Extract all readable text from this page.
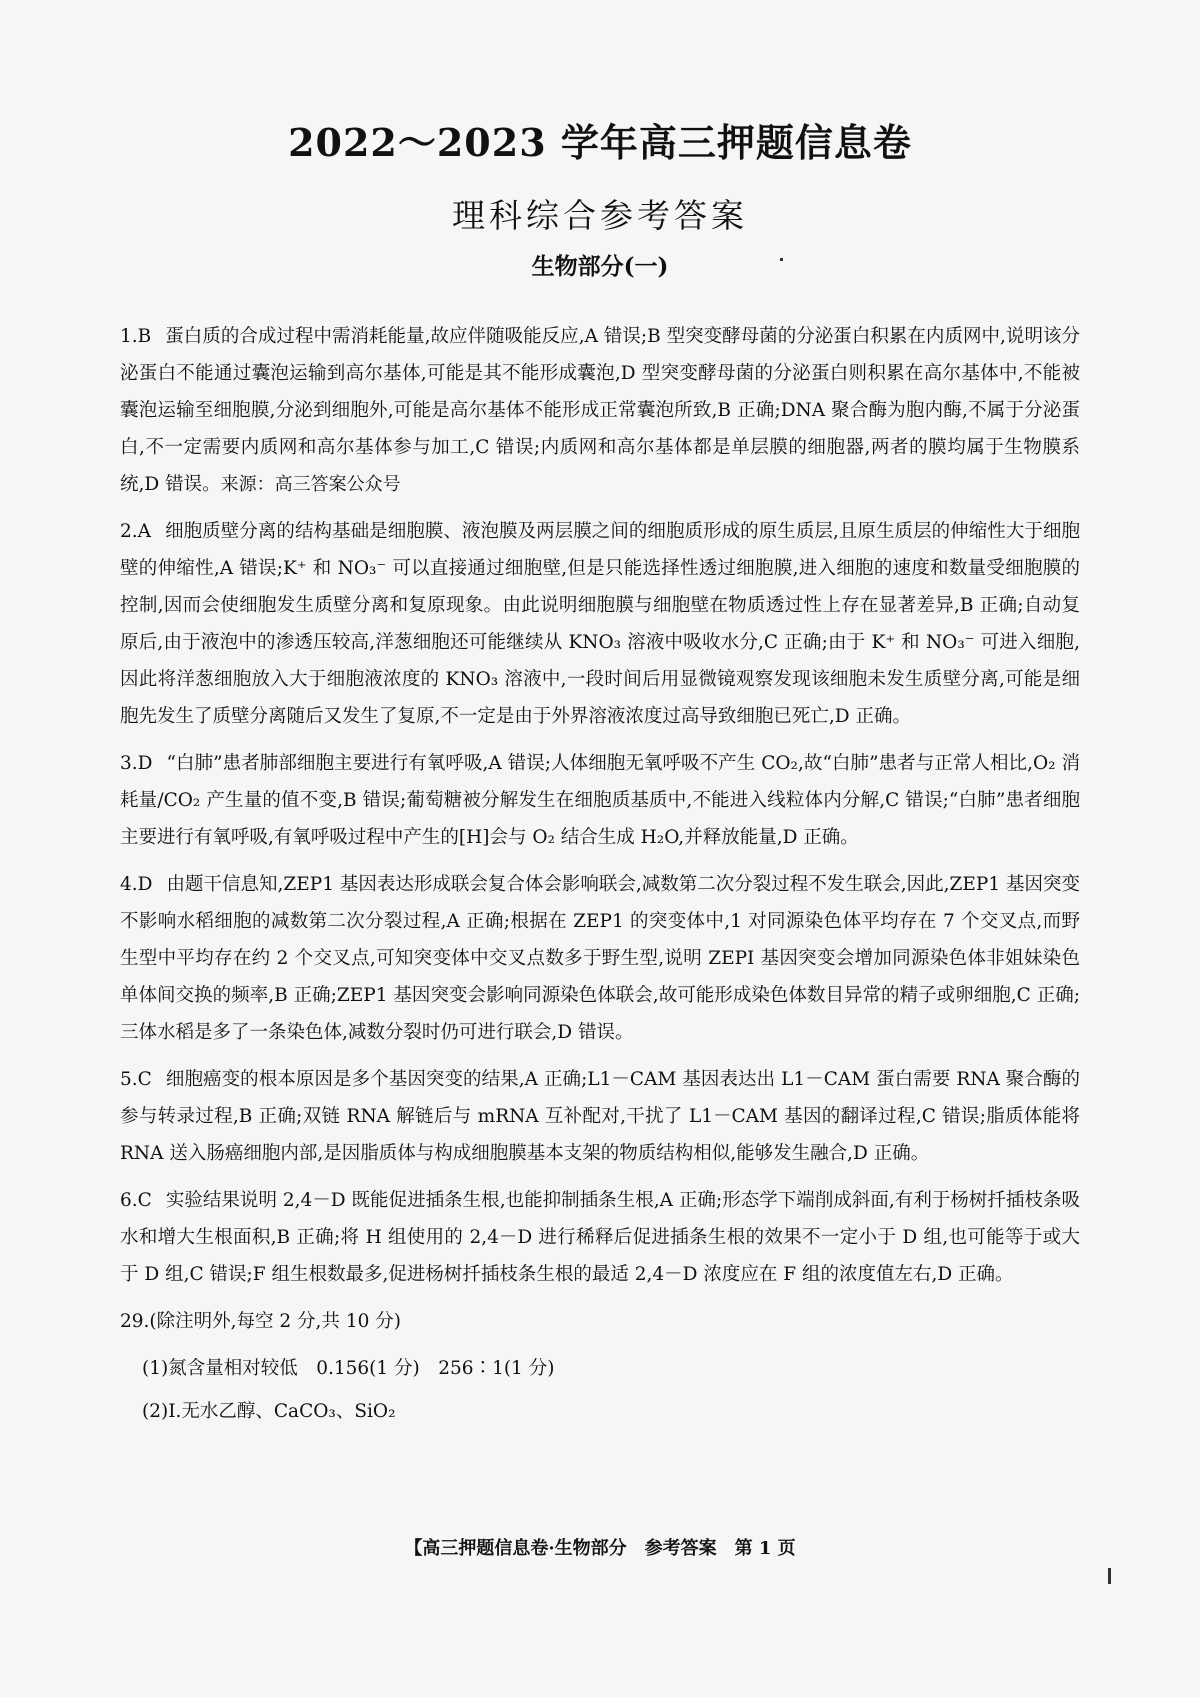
2022～2023 学年高三押题信息卷
理科综合参考答案
生物部分(一)

1.B 蛋白质的合成过程中需消耗能量,故应伴随吸能反应,A 错误;B 型突变酵母菌的分泌蛋白积累在内质网中,说明该分泌蛋白不能通过囊泡运输到高尔基体,可能是其不能形成囊泡,D 型突变酵母菌的分泌蛋白则积累在高尔基体中,不能被囊泡运输至细胞膜,分泌到细胞外,可能是高尔基体不能形成正常囊泡所致,B 正确;DNA 聚合酶为胞内酶,不属于分泌蛋白,不一定需要内质网和高尔基体参与加工,C 错误;内质网和高尔基体都是单层膜的细胞器,两者的膜均属于生物膜系统,D 错误。来源：高三答案公众号

2.A 细胞质壁分离的结构基础是细胞膜、液泡膜及两层膜之间的细胞质形成的原生质层,且原生质层的伸缩性大于细胞壁的伸缩性,A 错误;K⁺ 和 NO₃⁻ 可以直接通过细胞壁,但是只能选择性透过细胞膜,进入细胞的速度和数量受细胞膜的控制,因而会使细胞发生质壁分离和复原现象。由此说明细胞膜与细胞壁在物质透过性上存在显著差异,B 正确;自动复原后,由于液泡中的渗透压较高,洋葱细胞还可能继续从 KNO₃ 溶液中吸收水分,C 正确;由于 K⁺ 和 NO₃⁻ 可进入细胞,因此将洋葱细胞放入大于细胞液浓度的 KNO₃ 溶液中,一段时间后用显微镜观察发现该细胞未发生质壁分离,可能是细胞先发生了质壁分离随后又发生了复原,不一定是由于外界溶液浓度过高导致细胞已死亡,D 正确。

3.D “白肺”患者肺部细胞主要进行有氧呼吸,A 错误;人体细胞无氧呼吸不产生 CO₂,故“白肺”患者与正常人相比,O₂ 消耗量/CO₂ 产生量的值不变,B 错误;葡萄糖被分解发生在细胞质基质中,不能进入线粒体内分解,C 错误;“白肺”患者细胞主要进行有氧呼吸,有氧呼吸过程中产生的[H]会与 O₂ 结合生成 H₂O,并释放能量,D 正确。

4.D 由题干信息知,ZEP1 基因表达形成联会复合体会影响联会,减数第二次分裂过程不发生联会,因此,ZEP1 基因突变不影响水稻细胞的减数第二次分裂过程,A 正确;根据在 ZEP1 的突变体中,1 对同源染色体平均存在 7 个交叉点,而野生型中平均存在约 2 个交叉点,可知突变体中交叉点数多于野生型,说明 ZEPI 基因突变会增加同源染色体非姐妹染色单体间交换的频率,B 正确;ZEP1 基因突变会影响同源染色体联会,故可能形成染色体数目异常的精子或卵细胞,C 正确;三体水稻是多了一条染色体,减数分裂时仍可进行联会,D 错误。

5.C 细胞癌变的根本原因是多个基因突变的结果,A 正确;L1－CAM 基因表达出 L1－CAM 蛋白需要 RNA 聚合酶的参与转录过程,B 正确;双链 RNA 解链后与 mRNA 互补配对,干扰了 L1－CAM 基因的翻译过程,C 错误;脂质体能将 RNA 送入肠癌细胞内部,是因脂质体与构成细胞膜基本支架的物质结构相似,能够发生融合,D 正确。

6.C 实验结果说明 2,4－D 既能促进插条生根,也能抑制插条生根,A 正确;形态学下端削成斜面,有利于杨树扦插枝条吸水和增大生根面积,B 正确;将 H 组使用的 2,4－D 进行稀释后促进插条生根的效果不一定小于 D 组,也可能等于或大于 D 组,C 错误;F 组生根数最多,促进杨树扦插枝条生根的最适 2,4－D 浓度应在 F 组的浓度值左右,D 正确。

29.(除注明外,每空 2 分,共 10 分)

(1)氮含量相对较低　0.156(1 分)　256∶1(1 分)

(2)Ⅰ.无水乙醇、CaCO₃、SiO₂

【高三押题信息卷·生物部分　参考答案　第 1 页
